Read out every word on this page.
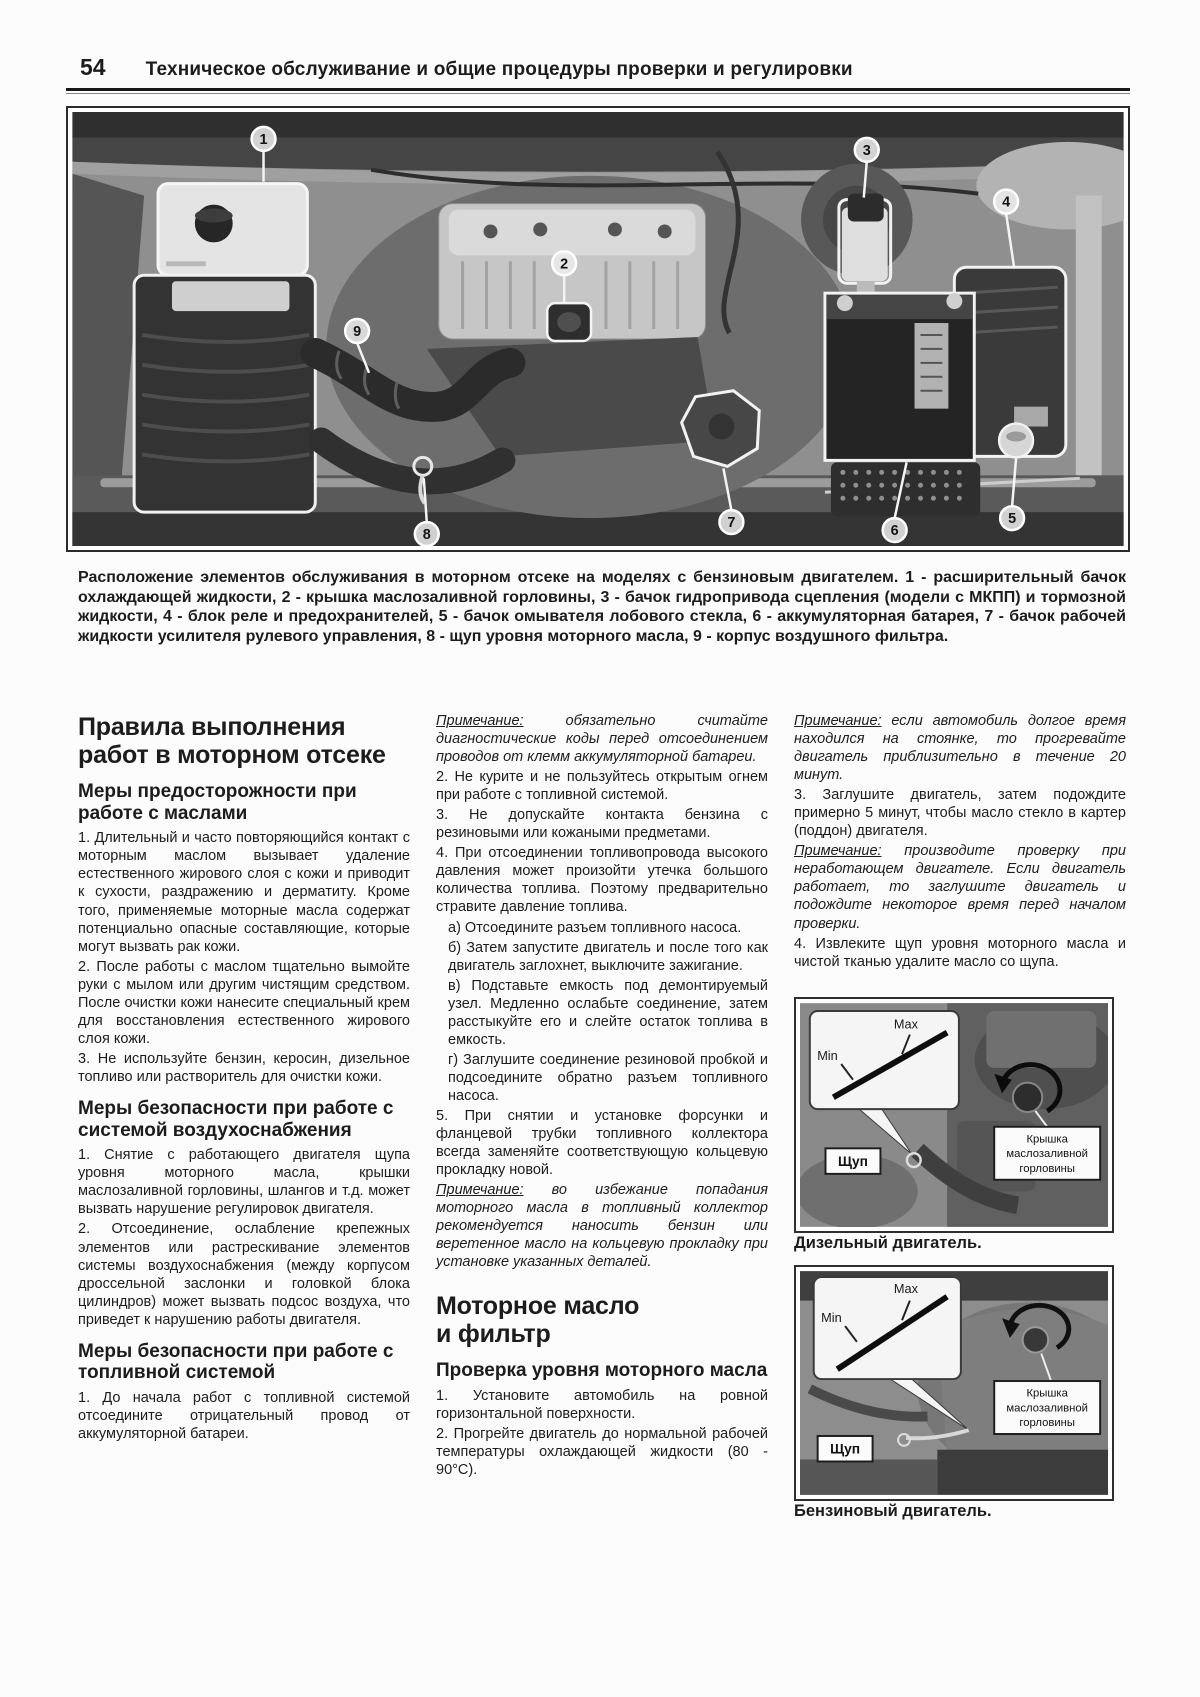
54 Техническое обслуживание и общие процедуры проверки и регулировки
1
2
3
4
5
6
7
8
9

Расположение элементов обслуживания в моторном отсеке на моделях с бензиновым двигателем. 1 - расширительный бачок охлаждающей жидкости, 2 - крышка маслозаливной горловины, 3 - бачок гидропривода сцепления (модели с МКПП) и тормозной жидкости, 4 - блок реле и предохранителей, 5 - бачок омывателя лобового стекла, 6 - аккумуляторная батарея, 7 - бачок рабочей жидкости усилителя рулевого управления, 8 - щуп уровня моторного масла, 9 - корпус воздушного фильтра.

Правила выполнения
работ в моторном отсеке
Меры предосторожности при работе с маслами

1. Длительный и часто повторяющийся контакт с моторным маслом вызывает удаление естественного жирового слоя с кожи и приводит к сухости, раздражению и дерматиту. Кроме того, применяемые моторные масла содержат потенциально опасные составляющие, которые могут вызвать рак кожи.

2. После работы с маслом тщательно вымойте руки с мылом или другим чистящим средством. После очистки кожи нанесите специальный крем для восстановления естественного жирового слоя кожи.

3. Не используйте бензин, керосин, дизельное топливо или растворитель для очистки кожи.

Меры безопасности при работе с системой воздухоснабжения

1. Снятие с работающего двигателя щупа уровня моторного масла, крышки маслозаливной горловины, шлангов и т.д. может вызвать нарушение регулировок двигателя.

2. Отсоединение, ослабление крепежных элементов или растрескивание элементов системы воздухоснабжения (между корпусом дроссельной заслонки и головкой блока цилиндров) может вызвать подсос воздуха, что приведет к нарушению работы двигателя.

Меры безопасности при работе с топливной системой

1. До начала работ с топливной системой отсоедините отрицательный провод от аккумуляторной батареи.

Примечание: обязательно считайте диагностические коды перед отсоединением проводов от клемм аккумуляторной батареи.

2. Не курите и не пользуйтесь открытым огнем при работе с топливной системой.

3. Не допускайте контакта бензина с резиновыми или кожаными предметами.

4. При отсоединении топливопровода высокого давления может произойти утечка большого количества топлива. Поэтому предварительно стравите давление топлива.

а) Отсоедините разъем топливного насоса.

б) Затем запустите двигатель и после того как двигатель заглохнет, выключите зажигание.

в) Подставьте емкость под демонтируемый узел. Медленно ослабьте соединение, затем расстыкуйте его и слейте остаток топлива в емкость.

г) Заглушите соединение резиновой пробкой и подсоедините обратно разъем топливного насоса.

5. При снятии и установке форсунки и фланцевой трубки топливного коллектора всегда заменяйте соответствующую кольцевую прокладку новой.

Примечание: во избежание попадания моторного масла в топливный коллектор рекомендуется наносить бензин или веретенное масло на кольцевую прокладку при установке указанных деталей.

Моторное масло
и фильтр
Проверка уровня моторного масла

1. Установите автомобиль на ровной горизонтальной поверхности.

2. Прогрейте двигатель до нормальной рабочей температуры охлаждающей жидкости (80 - 90°С).

Примечание: если автомобиль долгое время находился на стоянке, то прогревайте двигатель приблизительно в течение 20 минут.

3. Заглушите двигатель, затем подождите примерно 5 минут, чтобы масло стекло в картер (поддон) двигателя.

Примечание: производите проверку при неработающем двигателе. Если двигатель работает, то заглушите двигатель и подождите некоторое время перед началом проверки.

4. Извлеките щуп уровня моторного масла и чистой тканью удалите масло со щупа.

Max
Min
Щуп
Крышка
маслозаливной
горловины

Дизельный двигатель.

Max
Min
Щуп
Крышка
маслозаливной
горловины

Бензиновый двигатель.
